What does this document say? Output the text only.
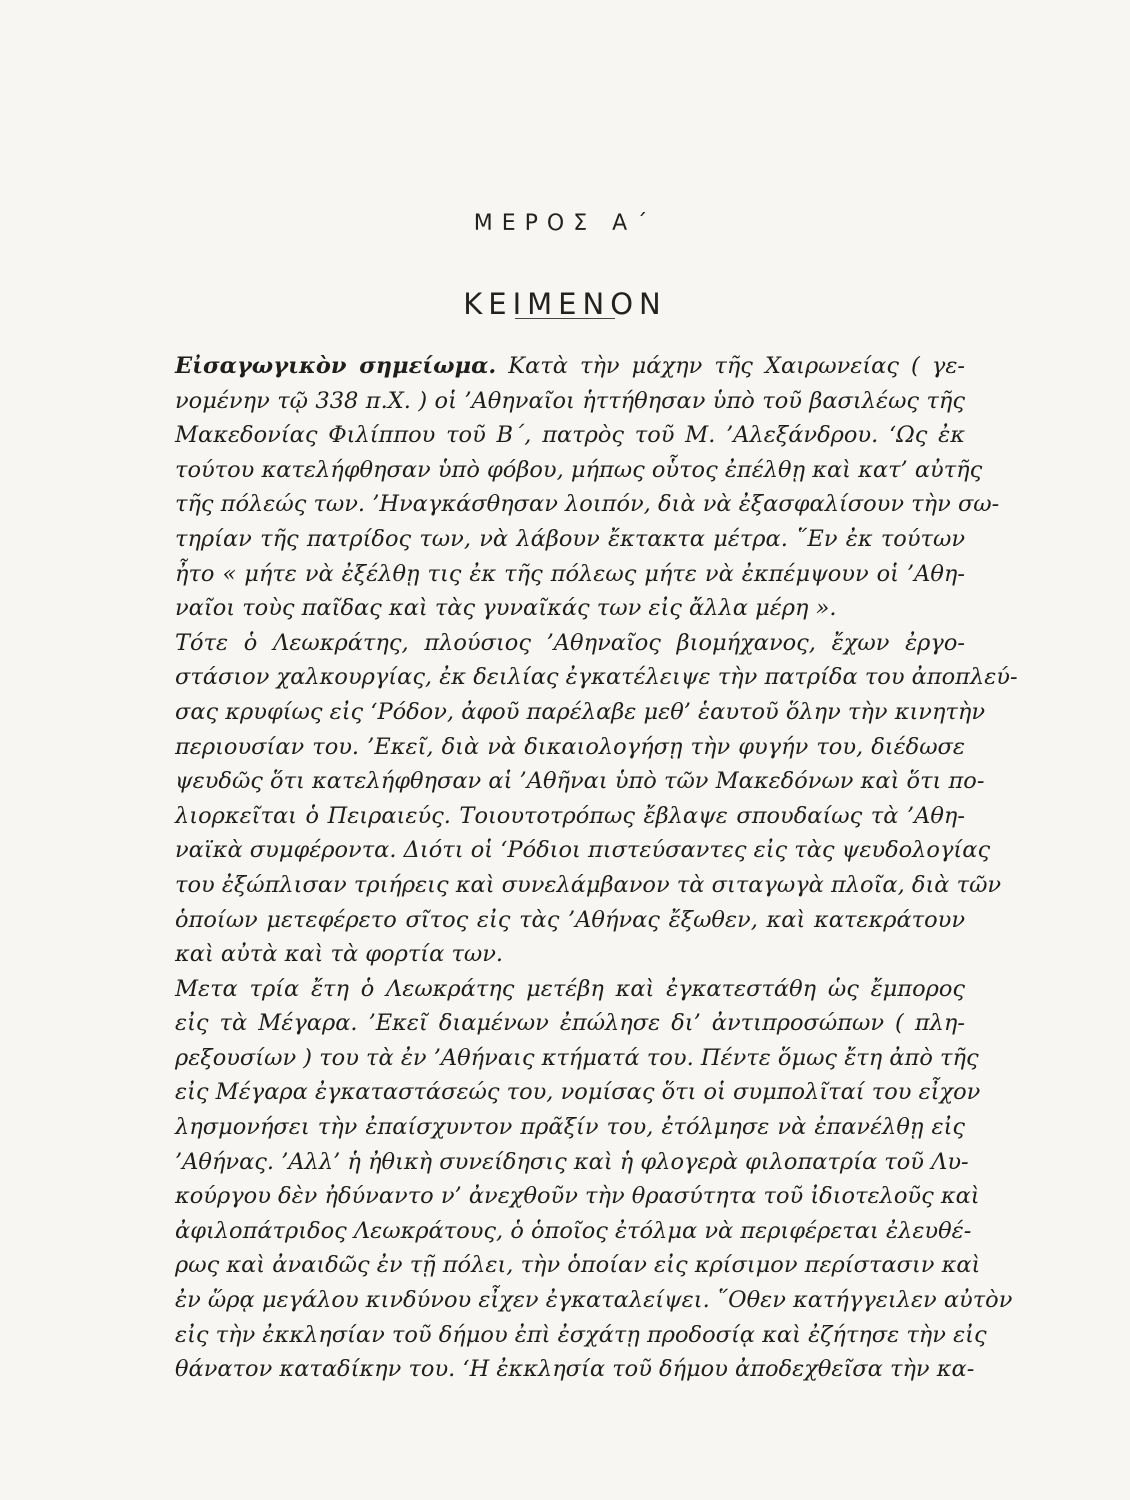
ΜΕΡΟΣ Α΄
ΚΕΙΜΕΝΟΝ
Εἰσαγωγικὸν σημείωμα. Κατὰ τὴν μάχην τῆς Χαιρωνείας ( γε-
νομένην τῷ 338 π.Χ. ) οἱ ’Αθηναῖοι ἡττήθησαν ὑπὸ τοῦ βασιλέως τῆς
Μακεδονίας Φιλίππου τοῦ Β΄, πατρὸς τοῦ Μ. ’Αλεξάνδρου. ‘Ως ἐκ
τούτου κατελήφθησαν ὑπὸ φόβου, μήπως οὗτος ἐπέλθῃ καὶ κατ’ αὐτῆς
τῆς πόλεώς των. ’Ηναγκάσθησαν λοιπόν, διὰ νὰ ἐξασφαλίσουν τὴν σω-
τηρίαν τῆς πατρίδος των, νὰ λάβουν ἔκτακτα μέτρα. ῞Εν ἐκ τούτων
ἦτο « μήτε νὰ ἐξέλθῃ τις ἐκ τῆς πόλεως μήτε νὰ ἐκπέμψουν οἱ ’Αθη-
ναῖοι τοὺς παῖδας καὶ τὰς γυναῖκάς των εἰς ἄλλα μέρη ».
Τότε ὁ Λεωκράτης, πλούσιος ’Αθηναῖος βιομήχανος, ἔχων ἐργο-
στάσιον χαλκουργίας, ἐκ δειλίας ἐγκατέλειψε τὴν πατρίδα του ἀποπλεύ-
σας κρυφίως εἰς ‘Ρόδον, ἀφοῦ παρέλαβε μεθ’ ἑαυτοῦ ὅλην τὴν κινητὴν
περιουσίαν του. ’Εκεῖ, διὰ νὰ δικαιολογήσῃ τὴν φυγήν του, διέδωσε
ψευδῶς ὅτι κατελήφθησαν αἱ ’Αθῆναι ὑπὸ τῶν Μακεδόνων καὶ ὅτι πο-
λιορκεῖται ὁ Πειραιεύς. Τοιουτοτρόπως ἔβλαψε σπουδαίως τὰ ’Αθη-
ναϊκὰ συμφέροντα. Διότι οἱ ‘Ρόδιοι πιστεύσαντες εἰς τὰς ψευδολογίας
του ἐξώπλισαν τριήρεις καὶ συνελάμβανον τὰ σιταγωγὰ πλοῖα, διὰ τῶν
ὁποίων μετεφέρετο σῖτος εἰς τὰς ’Αθήνας ἔξωθεν, καὶ κατεκράτουν
καὶ αὐτὰ καὶ τὰ φορτία των.
Μετα τρία ἔτη ὁ Λεωκράτης μετέβη καὶ ἐγκατεστάθη ὡς ἔμπορος
εἰς τὰ Μέγαρα. ’Εκεῖ διαμένων ἐπώλησε δι’ ἀντιπροσώπων ( πλη-
ρεξουσίων ) του τὰ ἐν ’Αθήναις κτήματά του. Πέντε ὅμως ἔτη ἀπὸ τῆς
εἰς Μέγαρα ἐγκαταστάσεώς του, νομίσας ὅτι οἱ συμπολῖταί του εἶχον
λησμονήσει τὴν ἐπαίσχυντον πρᾶξίν του, ἐτόλμησε νὰ ἐπανέλθῃ εἰς
’Αθήνας. ’Αλλ’ ἡ ἠθικὴ συνείδησις καὶ ἡ φλογερὰ φιλοπατρία τοῦ Λυ-
κούργου δὲν ἠδύναντο ν’ ἀνεχθοῦν τὴν θρασύτητα τοῦ ἰδιοτελοῦς καὶ
ἀφιλοπάτριδος Λεωκράτους, ὁ ὁποῖος ἐτόλμα νὰ περιφέρεται ἐλευθέ-
ρως καὶ ἀναιδῶς ἐν τῇ πόλει, τὴν ὁποίαν εἰς κρίσιμον περίστασιν καὶ
ἐν ὥρᾳ μεγάλου κινδύνου εἶχεν ἐγκαταλείψει. ῞Οθεν κατήγγειλεν αὐτὸν
εἰς τὴν ἐκκλησίαν τοῦ δήμου ἐπὶ ἐσχάτῃ προδοσίᾳ καὶ ἐζήτησε τὴν εἰς
θάνατον καταδίκην του. ‘Η ἐκκλησία τοῦ δήμου ἀποδεχθεῖσα τὴν κα-
